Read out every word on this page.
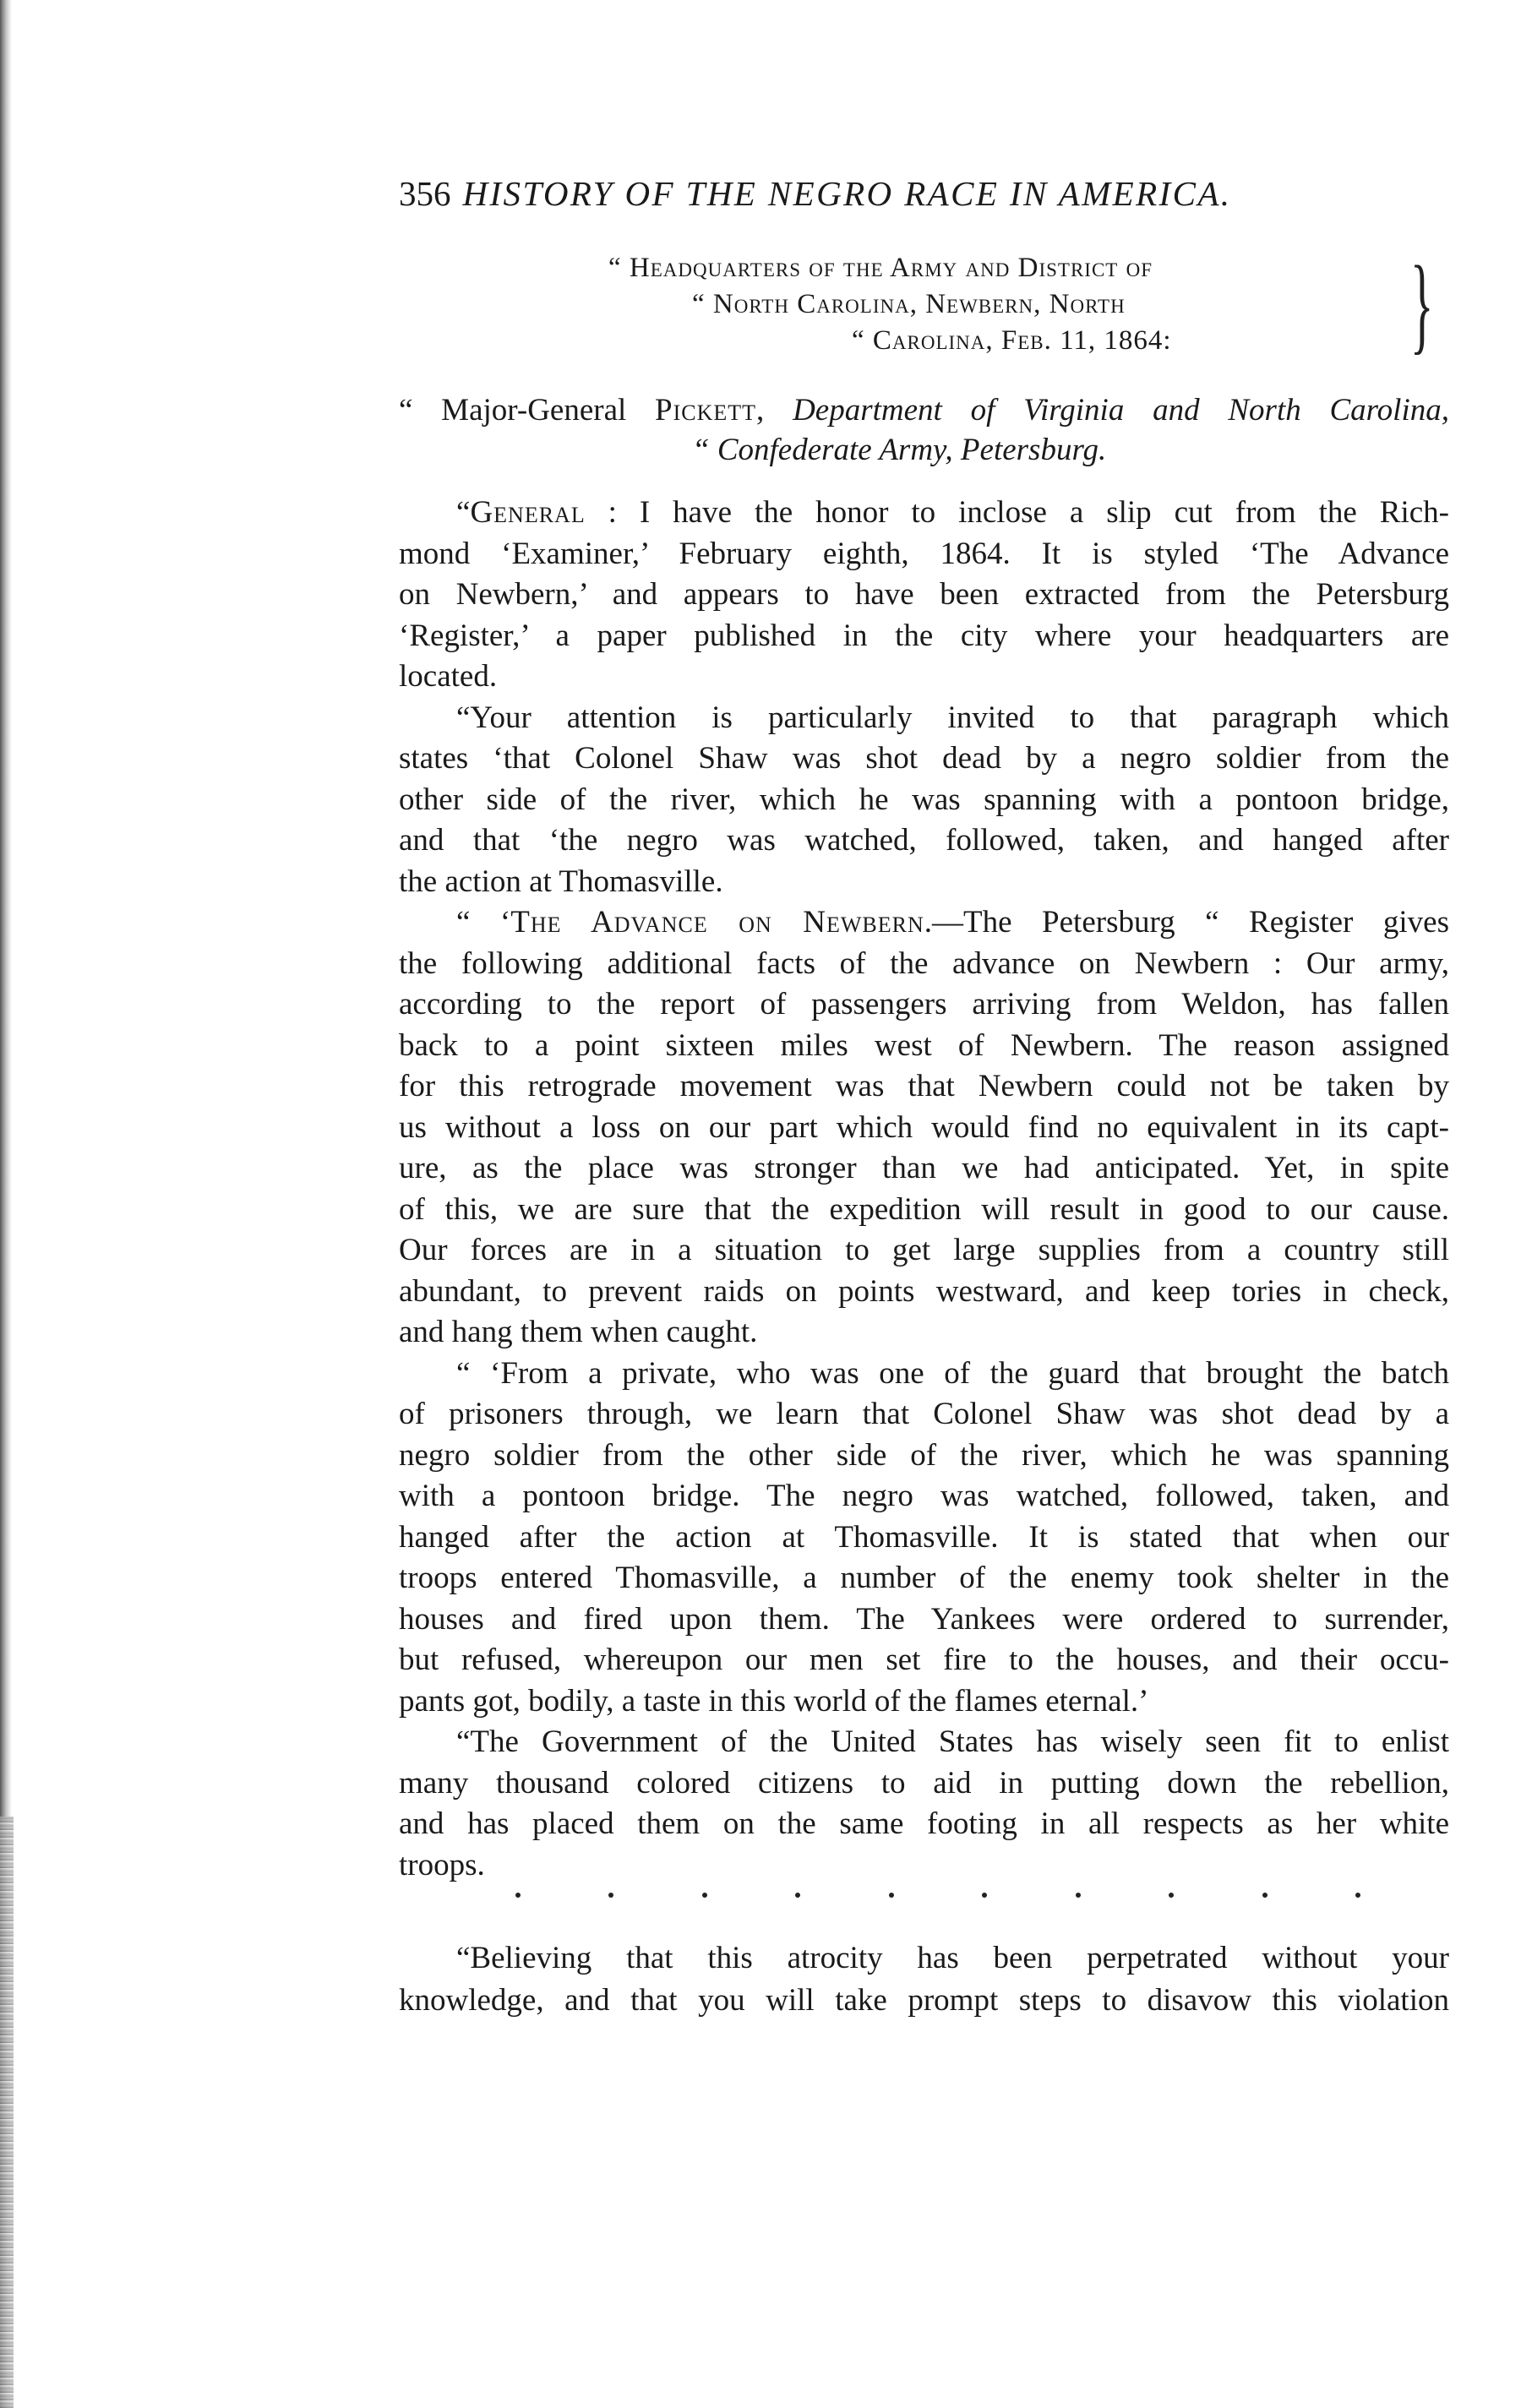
356 HISTORY OF THE NEGRO RACE IN AMERICA.
“ Headquarters of the Army and District of
“ North Carolina, Newbern, North
“ Carolina, Feb. 11, 1864: }
“ Major-General Pickett, Department of Virginia and North Carolina,
“ Confederate Army, Petersburg.
“General : I have the honor to inclose a slip cut from the Rich-
mond ‘Examiner,’ February eighth, 1864. It is styled ‘The Advance
on Newbern,’ and appears to have been extracted from the Petersburg
‘Register,’ a paper published in the city where your headquarters are
located.
“Your attention is particularly invited to that paragraph which
states ‘that Colonel Shaw was shot dead by a negro soldier from the
other side of the river, which he was spanning with a pontoon bridge,
and that ‘the negro was watched, followed, taken, and hanged after
the action at Thomasville.
“ ‘The Advance on Newbern.—The Petersburg “ Register gives
the following additional facts of the advance on Newbern : Our army,
according to the report of passengers arriving from Weldon, has fallen
back to a point sixteen miles west of Newbern. The reason assigned
for this retrograde movement was that Newbern could not be taken by
us without a loss on our part which would find no equivalent in its capt-
ure, as the place was stronger than we had anticipated. Yet, in spite
of this, we are sure that the expedition will result in good to our cause.
Our forces are in a situation to get large supplies from a country still
abundant, to prevent raids on points westward, and keep tories in check,
and hang them when caught.
“ ‘From a private, who was one of the guard that brought the batch
of prisoners through, we learn that Colonel Shaw was shot dead by a
negro soldier from the other side of the river, which he was spanning
with a pontoon bridge. The negro was watched, followed, taken, and
hanged after the action at Thomasville. It is stated that when our
troops entered Thomasville, a number of the enemy took shelter in the
houses and fired upon them. The Yankees were ordered to surrender,
but refused, whereupon our men set fire to the houses, and their occu-
pants got, bodily, a taste in this world of the flames eternal.’
“The Government of the United States has wisely seen fit to enlist
many thousand colored citizens to aid in putting down the rebellion,
and has placed them on the same footing in all respects as her white
troops.
“Believing that this atrocity has been perpetrated without your
knowledge, and that you will take prompt steps to disavow this violation
